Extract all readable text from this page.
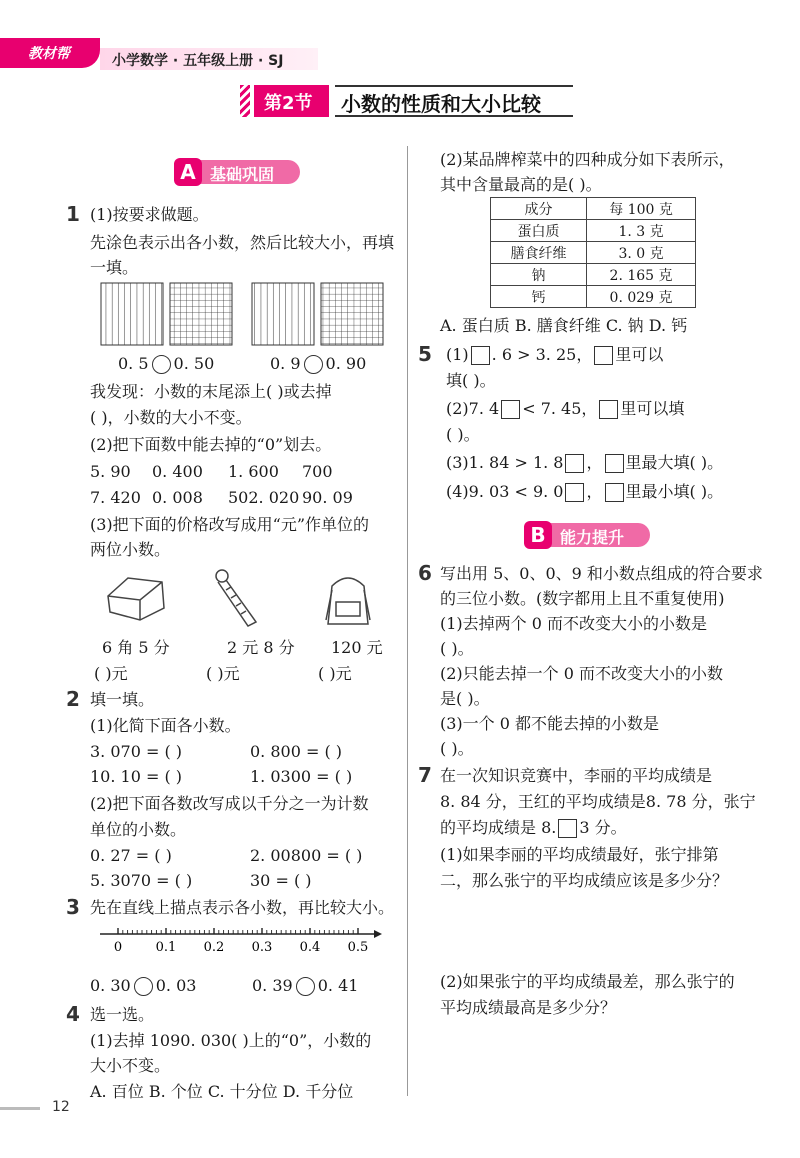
教材帮	小学数学 · 五年级上册 · SJ
第2节 小数的性质和大小比较
A 基础巩固
1 (1)按要求做题。
先涂色表示出各小数，然后比较大小，再填
一填。
0. 5 0. 50	0. 9 0. 90
我发现：小数的末尾添上( )或去掉
( )，小数的大小不变。
(2)把下面数中能去掉的“0”划去。
5. 90 0. 400 1. 600 700
7. 420 0. 008 502. 020 90. 09
(3)把下面的价格改写成用“元”作单位的
两位小数。
6 角 5 分	2 元 8 分 120 元
( )元	( )元	( )元
2 填一填。
(1)化简下面各小数。
3. 070 = ( )	0. 800 = ( )
10. 10 = ( )	1. 0300 = ( )
(2)把下面各数改写成以千分之一为计数
单位的小数。
0. 27 = ( )	2. 00800 = ( )
5. 3070 = ( )	30 = ( )
3 先在直线上描点表示各小数，再比较大小。
0	0.1 0.2 0.3 0.4 0.5
0. 30 0. 03	0. 39 0. 41
4 选一选。
(1)去掉 1090. 030( )上的“0”，小数的
大小不变。
A. 百位 B. 个位 C. 十分位 D. 千分位
(2)某品牌榨菜中的四种成分如下表所示，
其中含量最高的是( )。
成分	每 100 克
蛋白质	1. 3 克
膳食纤维	3. 0 克
钠	2. 165 克
钙	0. 029 克
A. 蛋白质 B. 膳食纤维 C. 钠 D. 钙
5 (1) . 6 > 3. 25， 里可以
填( )。
(2)7. 4 < 7. 45， 里可以填
( )。
(3)1. 84 > 1. 8 ， 里最大填( )。
(4)9. 03 < 9. 0 ， 里最小填( )。
B 能力提升
6 写出用 5、0、0、9 和小数点组成的符合要求
的三位小数。(数字都用上且不重复使用)
(1)去掉两个 0 而不改变大小的小数是
( )。
(2)只能去掉一个 0 而不改变大小的小数
是( )。
(3)一个 0 都不能去掉的小数是
( )。
7 在一次知识竞赛中，李丽的平均成绩是
8. 84 分，王红的平均成绩是8. 78 分，张宁
的平均成绩是 8. 3 分。
(1)如果李丽的平均成绩最好，张宁排第
二，那么张宁的平均成绩应该是多少分？
(2)如果张宁的平均成绩最差，那么张宁的
平均成绩最高是多少分？
12
